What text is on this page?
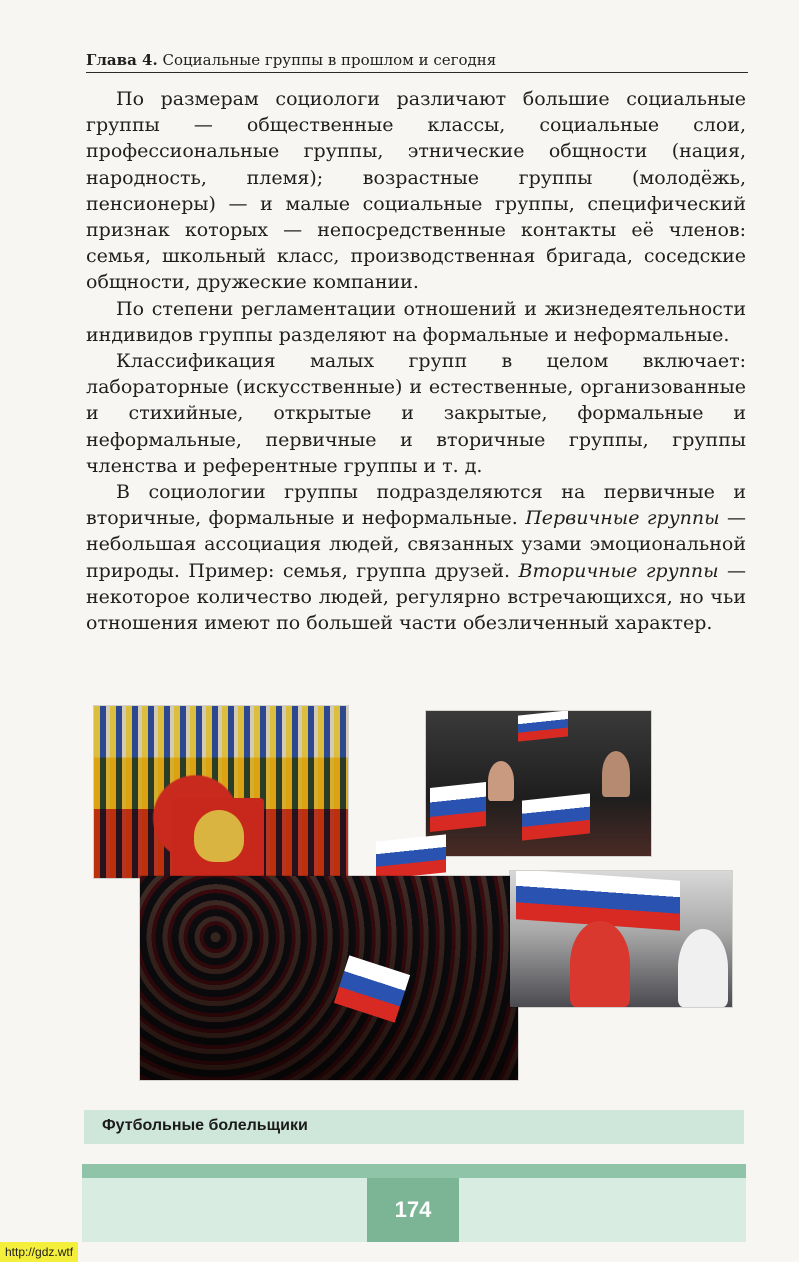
Глава 4. Социальные группы в прошлом и сегодня

По размерам социологи различают большие социальные группы — общественные классы, социальные слои, профессиональные группы, этнические общности (нация, народность, племя); возрастные группы (молодёжь, пенсионеры) — и малые социальные группы, специфический признак которых — непосредственные контакты её членов: семья, школьный класс, производственная бригада, соседские общности, дружеские компании.

По степени регламентации отношений и жизнедеятельности индивидов группы разделяют на формальные и неформальные.

Классификация малых групп в целом включает: лабораторные (искусственные) и естественные, организованные и стихийные, открытые и закрытые, формальные и неформальные, первичные и вторичные группы, группы членства и референтные группы и т. д.

В социологии группы подразделяются на первичные и вторичные, формальные и неформальные. Первичные группы — небольшая ассоциация людей, связанных узами эмоциональной природы. Пример: семья, группа друзей. Вторичные группы — некоторое количество людей, регулярно встречающихся, но чьи отношения имеют по большей части обезличенный характер.

Футбольные болельщики
174
http://gdz.wtf
